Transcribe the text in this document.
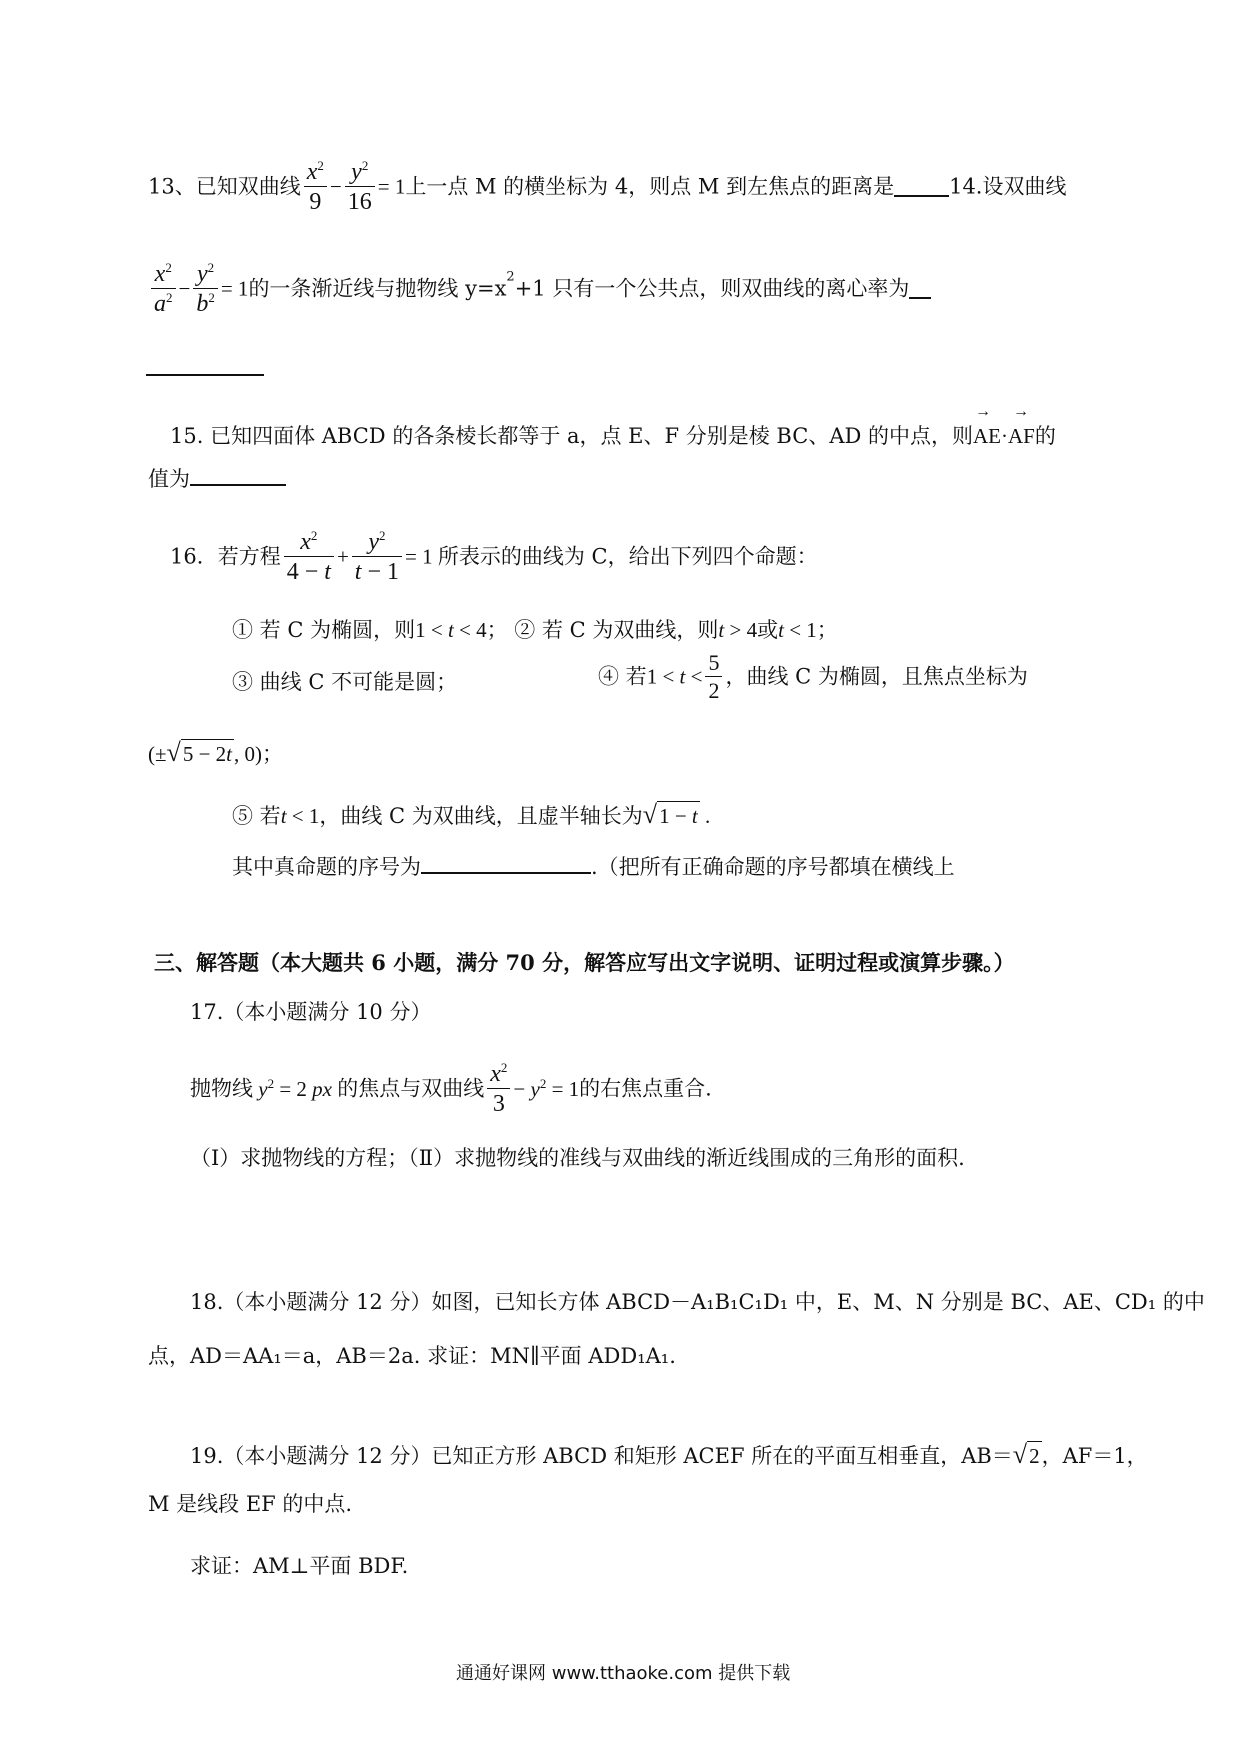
13、已知双曲线 $\frac{x^2}{9} - \frac{y^2}{16} = 1$上一点 M 的横坐标为 4，则点 M 到左焦点的距离是	14.设双曲线
$\frac{x^2}{a^2} - \frac{y^2}{b^2} = 1$的一条渐近线与抛物线 $y=x^2+1$ 只有一个公共点，则双曲线的离心率为
15. 已知四面体 ABCD 的各条棱长都等于 a，点 E、F 分别是棱 BC、AD 的中点，则
→→
AE·AF的
值为
16．若方程 $\frac{x^2}{4 - t} + \frac{y^2}{t - 1} = 1$ 所表示的曲线为 C，给出下列四个命题：
① 若 C 为椭圆，则1 < t < 4； ② 若 C 为双曲线，则t > 4或t < 1；
③ 曲线 C 不可能是圆；	④ 若$1 < t < \frac{5}{2}$ ，曲线 C 为椭圆，且焦点坐标为
(±√5 − 2t, 0)；
⑤ 若t < 1，曲线 C 为双曲线，且虚半轴长为√1 − t .
其中真命题的序号为	.（把所有正确命题的序号都填在横线上
三、解答题（本大题共 6 小题，满分 70 分，解答应写出文字说明、证明过程或演算步骤。）
17.（本小题满分 10 分）
抛物线 $y^2 = 2$ px 的焦点与双曲线 $\frac{x^2}{3} - y^2 = 1$的右焦点重合.
（Ⅰ）求抛物线的方程；（Ⅱ）求抛物线的准线与双曲线的渐近线围成的三角形的面积.
18.（本小题满分 12 分）如图，已知长方体 ABCD－A₁B₁C₁D₁ 中，E、M、N 分别是 BC、AE、CD₁ 的中
点，AD＝AA₁＝a，AB＝2a. 求证：MN∥平面 ADD₁A₁.
19.（本小题满分 12 分）已知正方形 ABCD 和矩形 ACEF 所在的平面互相垂直，AB＝√2，AF＝1，
M 是线段 EF 的中点.
求证：AM⊥平面 BDF.
通通好课网 www.tthaoke.com 提供下载
